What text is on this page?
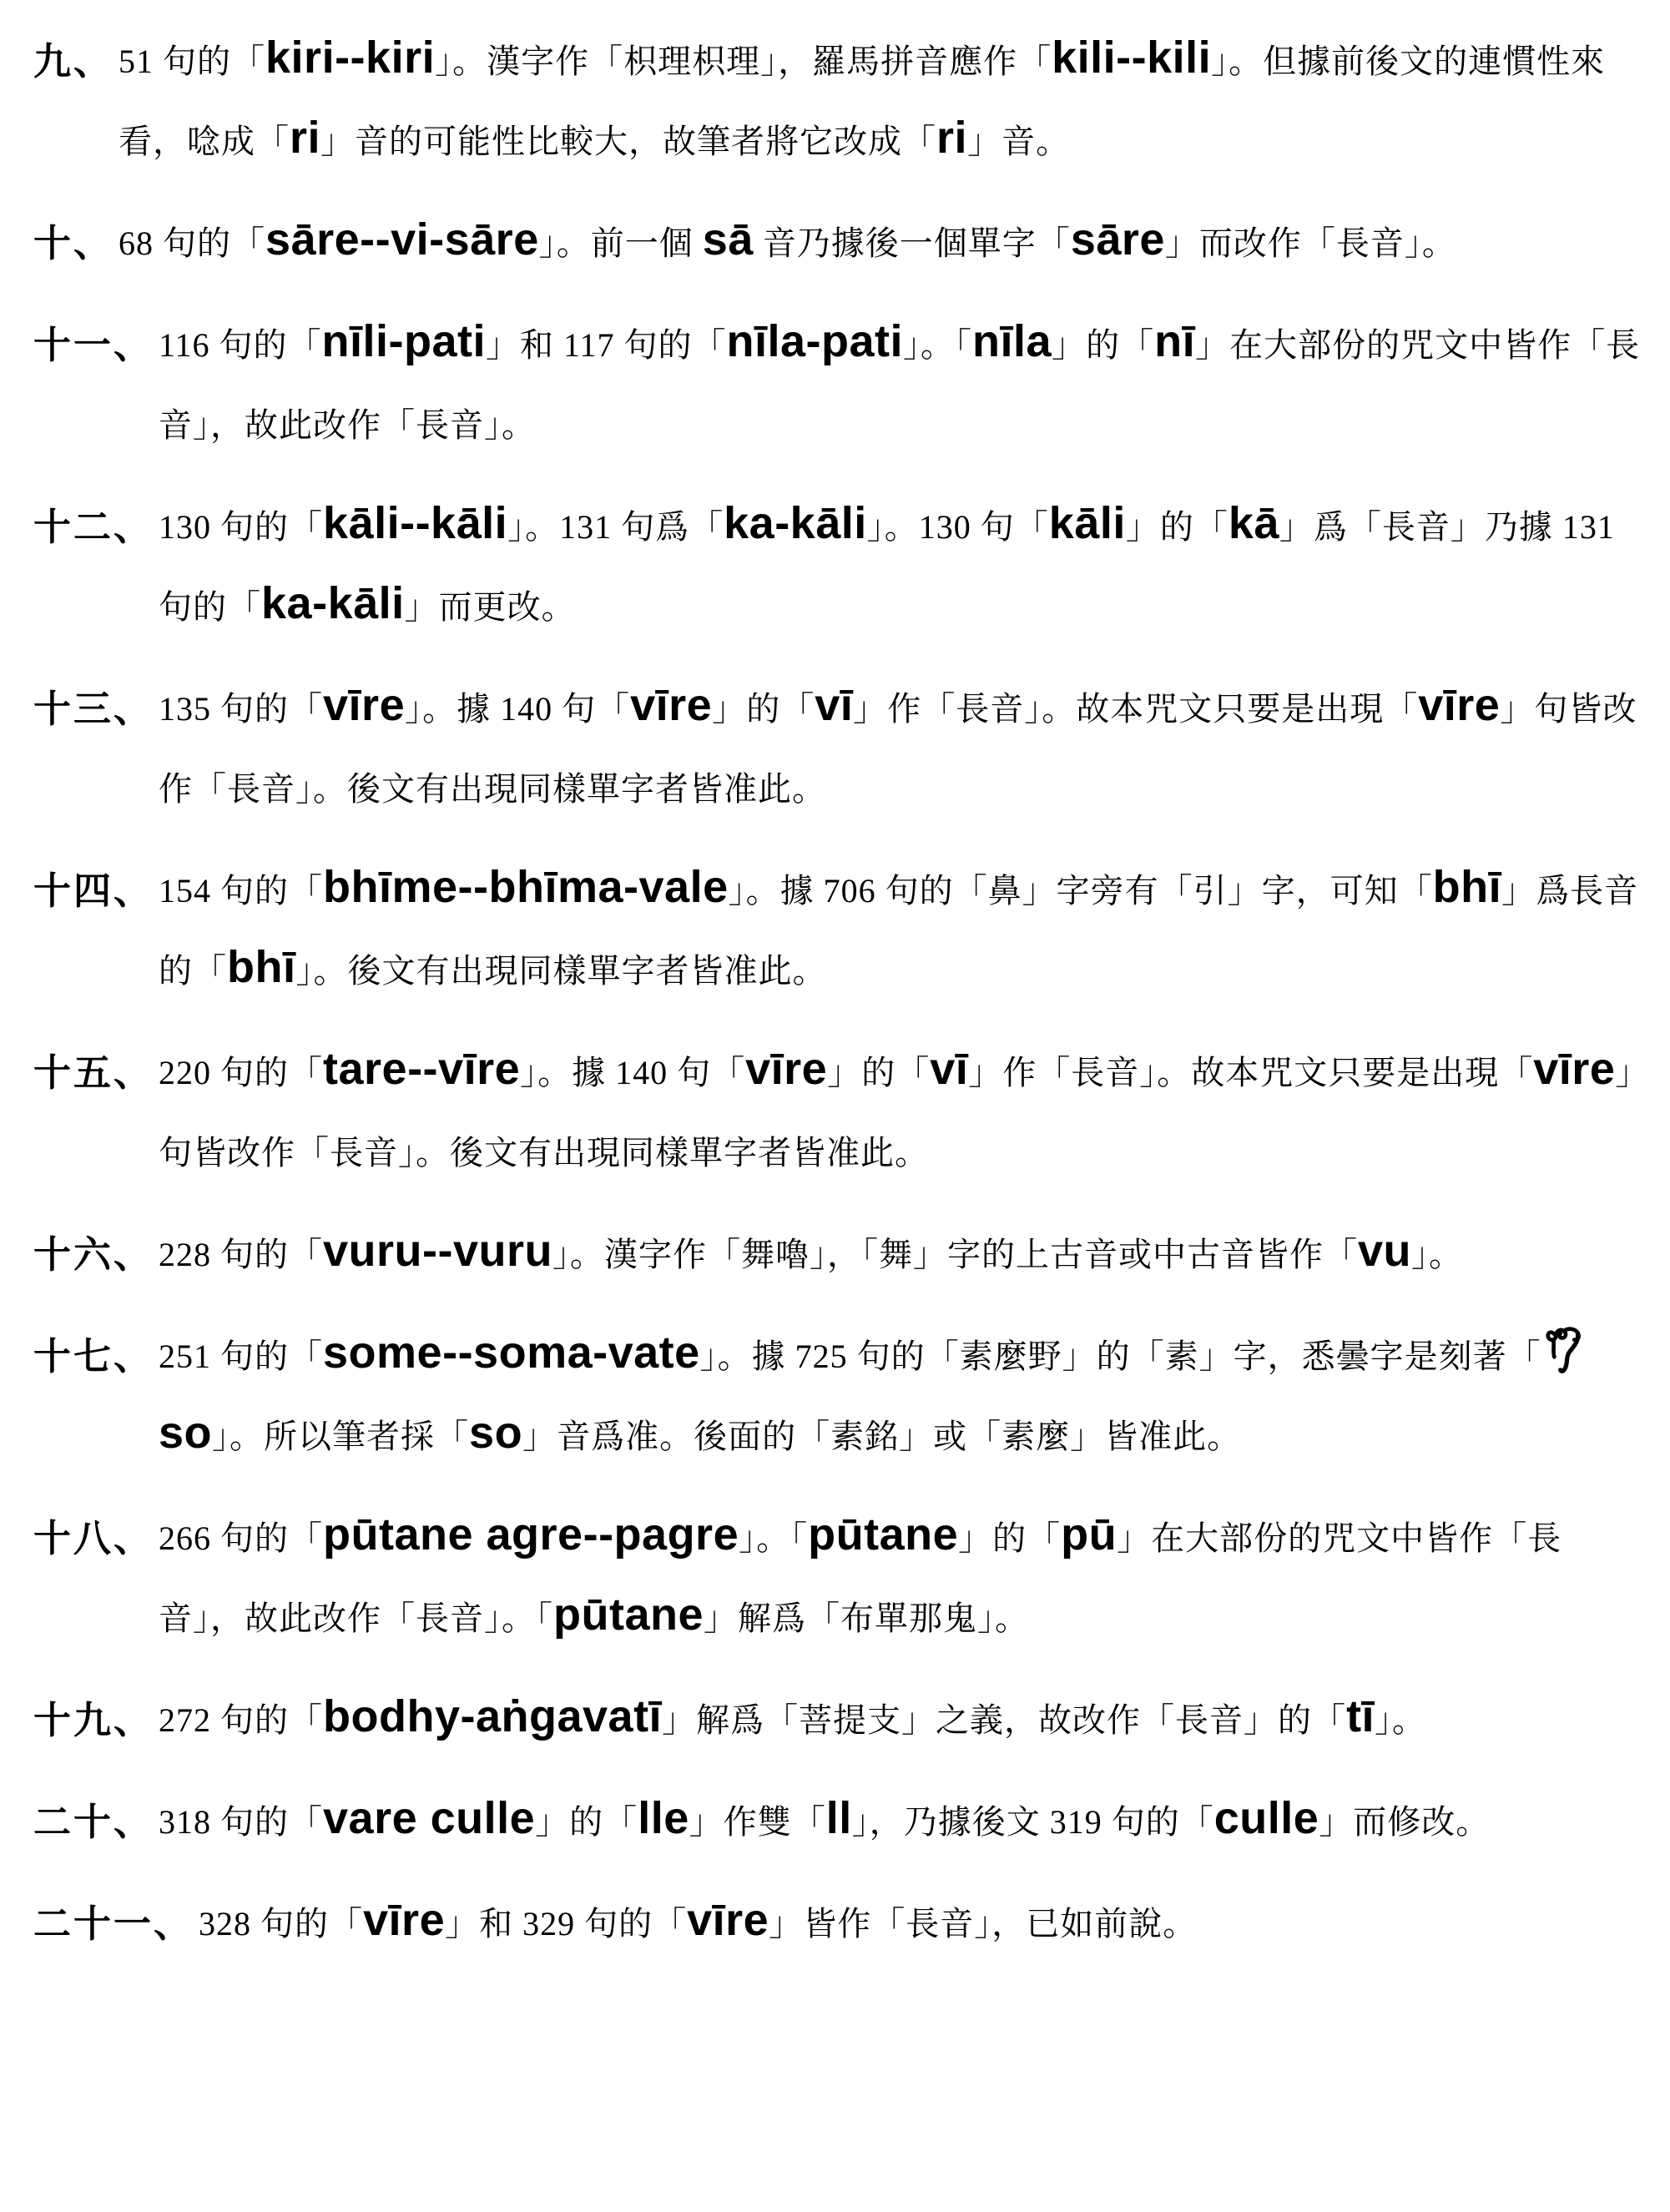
九、 51 句的「kiri--kiri」。漢字作「枳理枳理」，羅馬拼音應作「kili--kili」。但據前後文的連慣性來看，唸成「ri」音的可能性比較大，故筆者將它改成「ri」音。
十、 68 句的「sāre--vi-sāre」。前一個 sā 音乃據後一個單字「sāre」而改作「長音」。
十一、 116 句的「nīli-pati」和 117 句的「nīla-pati」。「nīla」的「nī」在大部份的咒文中皆作「長音」，故此改作「長音」。
十二、 130 句的「kāli--kāli」。131 句爲「ka-kāli」。130 句「kāli」的「kā」爲「長音」乃據 131 句的「ka-kāli」而更改。
十三、 135 句的「vīre」。據 140 句「vīre」的「vī」作「長音」。故本咒文只要是出現「vīre」句皆改作「長音」。後文有出現同樣單字者皆准此。
十四、 154 句的「bhīme--bhīma-vale」。據 706 句的「鼻」字旁有「引」字，可知「bhī」爲長音的「bhī」。後文有出現同樣單字者皆准此。
十五、 220 句的「tare--vīre」。據 140 句「vīre」的「vī」作「長音」。故本咒文只要是出現「vīre」句皆改作「長音」。後文有出現同樣單字者皆准此。
十六、 228 句的「vuru--vuru」。漢字作「舞嚕」，「舞」字的上古音或中古音皆作「vu」。
十七、 251 句的「some--soma-vate」。據 725 句的「素麼野」的「素」字，悉曇字是刻著「
so」。所以筆者採「so」音爲准。後面的「素銘」或「素麼」皆准此。
十八、 266 句的「pūtane agre--pagre」。「pūtane」的「pū」在大部份的咒文中皆作「長音」，故此改作「長音」。「pūtane」解爲「布單那鬼」。
十九、 272 句的「bodhy-aṅgavatī」解爲「菩提支」之義，故改作「長音」的「tī」。
二十、 318 句的「vare culle」的「lle」作雙「ll」，乃據後文 319 句的「culle」而修改。
二十一、 328 句的「vīre」和 329 句的「vīre」皆作「長音」，已如前說。
